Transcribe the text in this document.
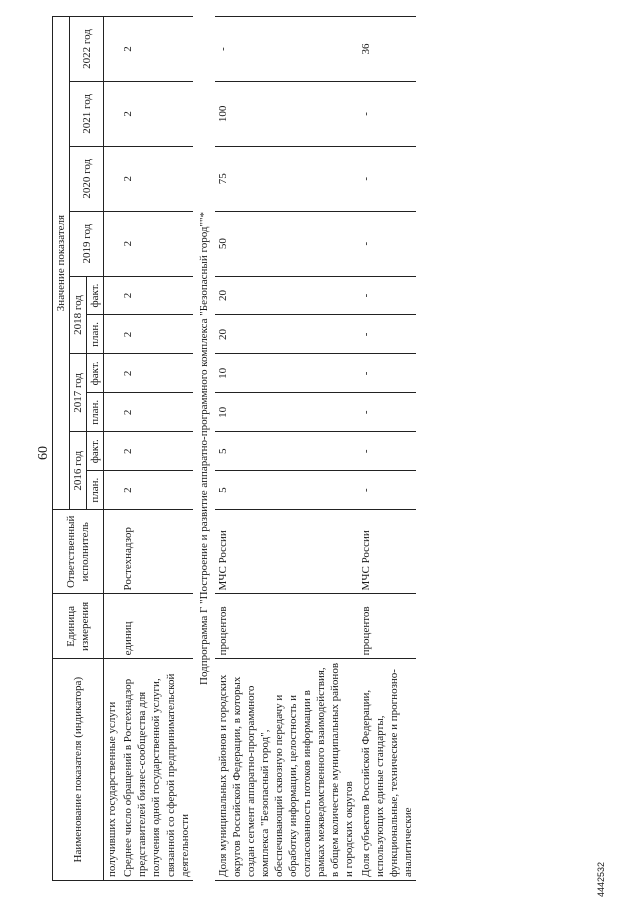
60
Наименование показателя (индикатора)	Единица измерения	Ответственный исполнитель	Значение показателя									
			2016 год		2017 год		2018 год		2019 год	2020 год	2021 год	2022 год
			план.	факт.	план.	факт.	план.	факт.				
получивших государственные услуги												
Среднее число обращений в Ростехнадзор представителей бизнес-сообщества для получения одной государственной услуги, связанной со сферой предпринимательской деятельности	единиц	Ростехнадзор	2	2	2	2	2	2	2	2	2	2
Подпрограмма Г "Построение и развитие аппаратно-программного комплекса "Безопасный город""*												
Доля муниципальных районов и городских округов Российской Федерации, в которых создан сегмент аппаратно-программного комплекса "Безопасный город", обеспечивающий сквозную передачу и обработку информации, целостность и согласованность потоков информации в рамках межведомственного взаимодействия, в общем количестве муниципальных районов и городских округов	процентов	МЧС России	5	5	10	10	20	20	50	75	100	-
Доля субъектов Российской Федерации, использующих единые стандарты, функциональные, технические и прогнозно-аналитические	процентов	МЧС России	-	-	-	-	-	-	-	-	-	36
4442532
